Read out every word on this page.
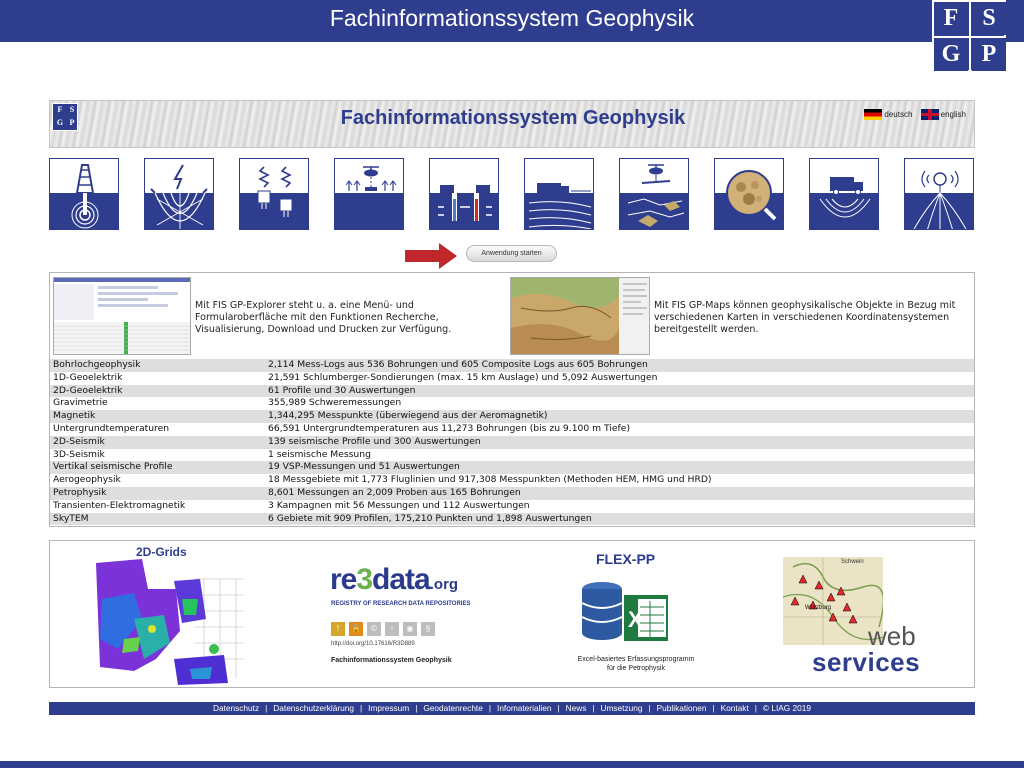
Fachinformationssystem Geophysik	F S
G P
F S
G P	Fachinformationssystem Geophysik	deutsch	english
Anwendung starten
Mit FIS GP-Explorer steht u. a. eine Menü- und Formularoberfläche mit den Funktionen Recherche, Visualisierung, Download und Drucken zur Verfügung.
Mit FIS GP-Maps können geophysikalische Objekte in Bezug mit verschiedenen Karten in verschiedenen Koordinatensystemen bereitgestellt werden.
Bohrlochgeophysik	2,114 Mess-Logs aus 536 Bohrungen und 605 Composite Logs aus 605 Bohrungen
1D-Geoelektrik	21,591 Schlumberger-Sondierungen (max. 15 km Auslage) und 5,092 Auswertungen
2D-Geoelektrik	61 Profile und 30 Auswertungen
Gravimetrie	355,989 Schweremessungen
Magnetik	1,344,295 Messpunkte (überwiegend aus der Aeromagnetik)
Untergrundtemperaturen	66,591 Untergrundtemperaturen aus 11,273 Bohrungen (bis zu 9.100 m Tiefe)
2D-Seismik	139 seismische Profile und 300 Auswertungen
3D-Seismik	1 seismische Messung
Vertikal seismische Profile	19 VSP-Messungen und 51 Auswertungen
Aerogeophysik	18 Messgebiete mit 1,773 Fluglinien und 917,308 Messpunkten (Methoden HEM, HMG und HRD)
Petrophysik	8,601 Messungen an 2,009 Proben aus 165 Bohrungen
Transienten-Elektromagnetik	3 Kampagnen mit 56 Messungen und 112 Auswertungen
SkyTEM	6 Gebiete mit 909 Profilen, 175,210 Punkten und 1,898 Auswertungen
2D-Grids
re3data.org
REGISTRY OF RESEARCH DATA REPOSITORIES
! 🔒 © ▫ ◉ §
http://doi.org/10.17616/R3D889
Fachinformationssystem Geophysik
FLEX-PP
X
Excel-basiertes Erfassungsprogramm
für die Petrophysik
Schwein
Würzburg
web
services
Datenschutz | Datenschutzerklärung | Impressum | Geodatenrechte | Infomaterialien | News | Umsetzung | Publikationen | Kontakt | © LIAG 2019
